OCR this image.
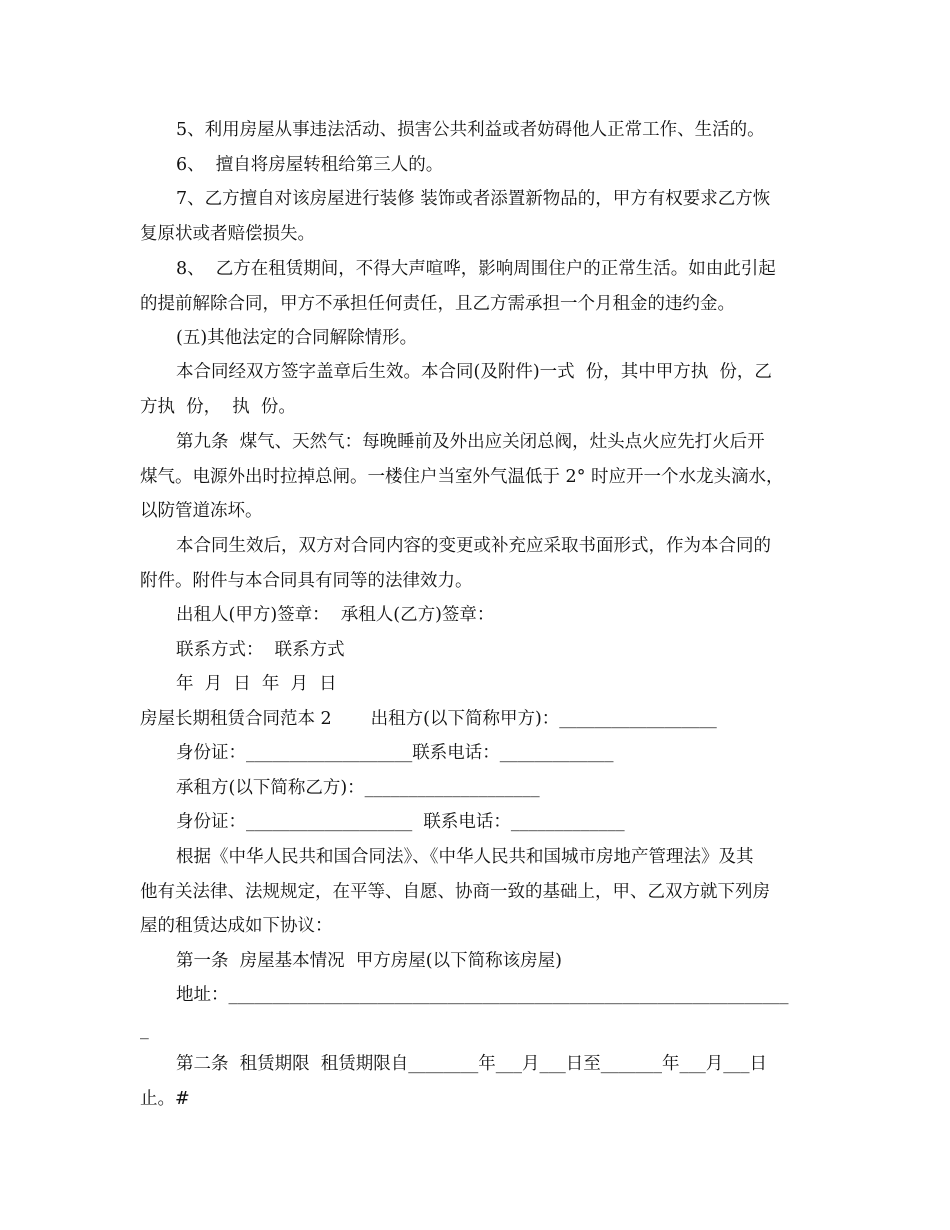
5、利用房屋从事违法活动、损害公共利益或者妨碍他人正常工作、生活的。
6、  擅自将房屋转租给第三人的。
7、乙方擅自对该房屋进行装修 装饰或者添置新物品的，甲方有权要求乙方恢
复原状或者赔偿损失。
8、  乙方在租赁期间，不得大声喧哗，影响周围住户的正常生活。如由此引起
的提前解除合同，甲方不承担任何责任，且乙方需承担一个月租金的违约金。
(五)其他法定的合同解除情形。
本合同经双方签字盖章后生效。本合同(及附件)一式  份，其中甲方执  份，乙
方执  份，  执  份。
第九条  煤气、天然气：每晚睡前及外出应关闭总阀，灶头点火应先打火后开
煤气。电源外出时拉掉总闸。一楼住户当室外气温低于 2° 时应开一个水龙头滴水，
以防管道冻坏。
本合同生效后，双方对合同内容的变更或补充应采取书面形式，作为本合同的
附件。附件与本合同具有同等的法律效力。
出租人(甲方)签章：  承租人(乙方)签章：
联系方式：  联系方式
年  月  日  年  月  日
房屋长期租赁合同范本 2       出租方(以下简称甲方)：__________________
身份证：___________________联系电话：_____________
承租方(以下简称乙方)：____________________
身份证：___________________  联系电话：_____________
根据《中华人民共和国合同法》、《中华人民共和国城市房地产管理法》及其
他有关法律、法规规定，在平等、自愿、协商一致的基础上，甲、乙双方就下列房
屋的租赁达成如下协议：
第一条  房屋基本情况  甲方房屋(以下简称该房屋)
地址：________________________________________________________________
_
第二条  租赁期限  租赁期限自________年___月___日至_______年___月___日
止。#
